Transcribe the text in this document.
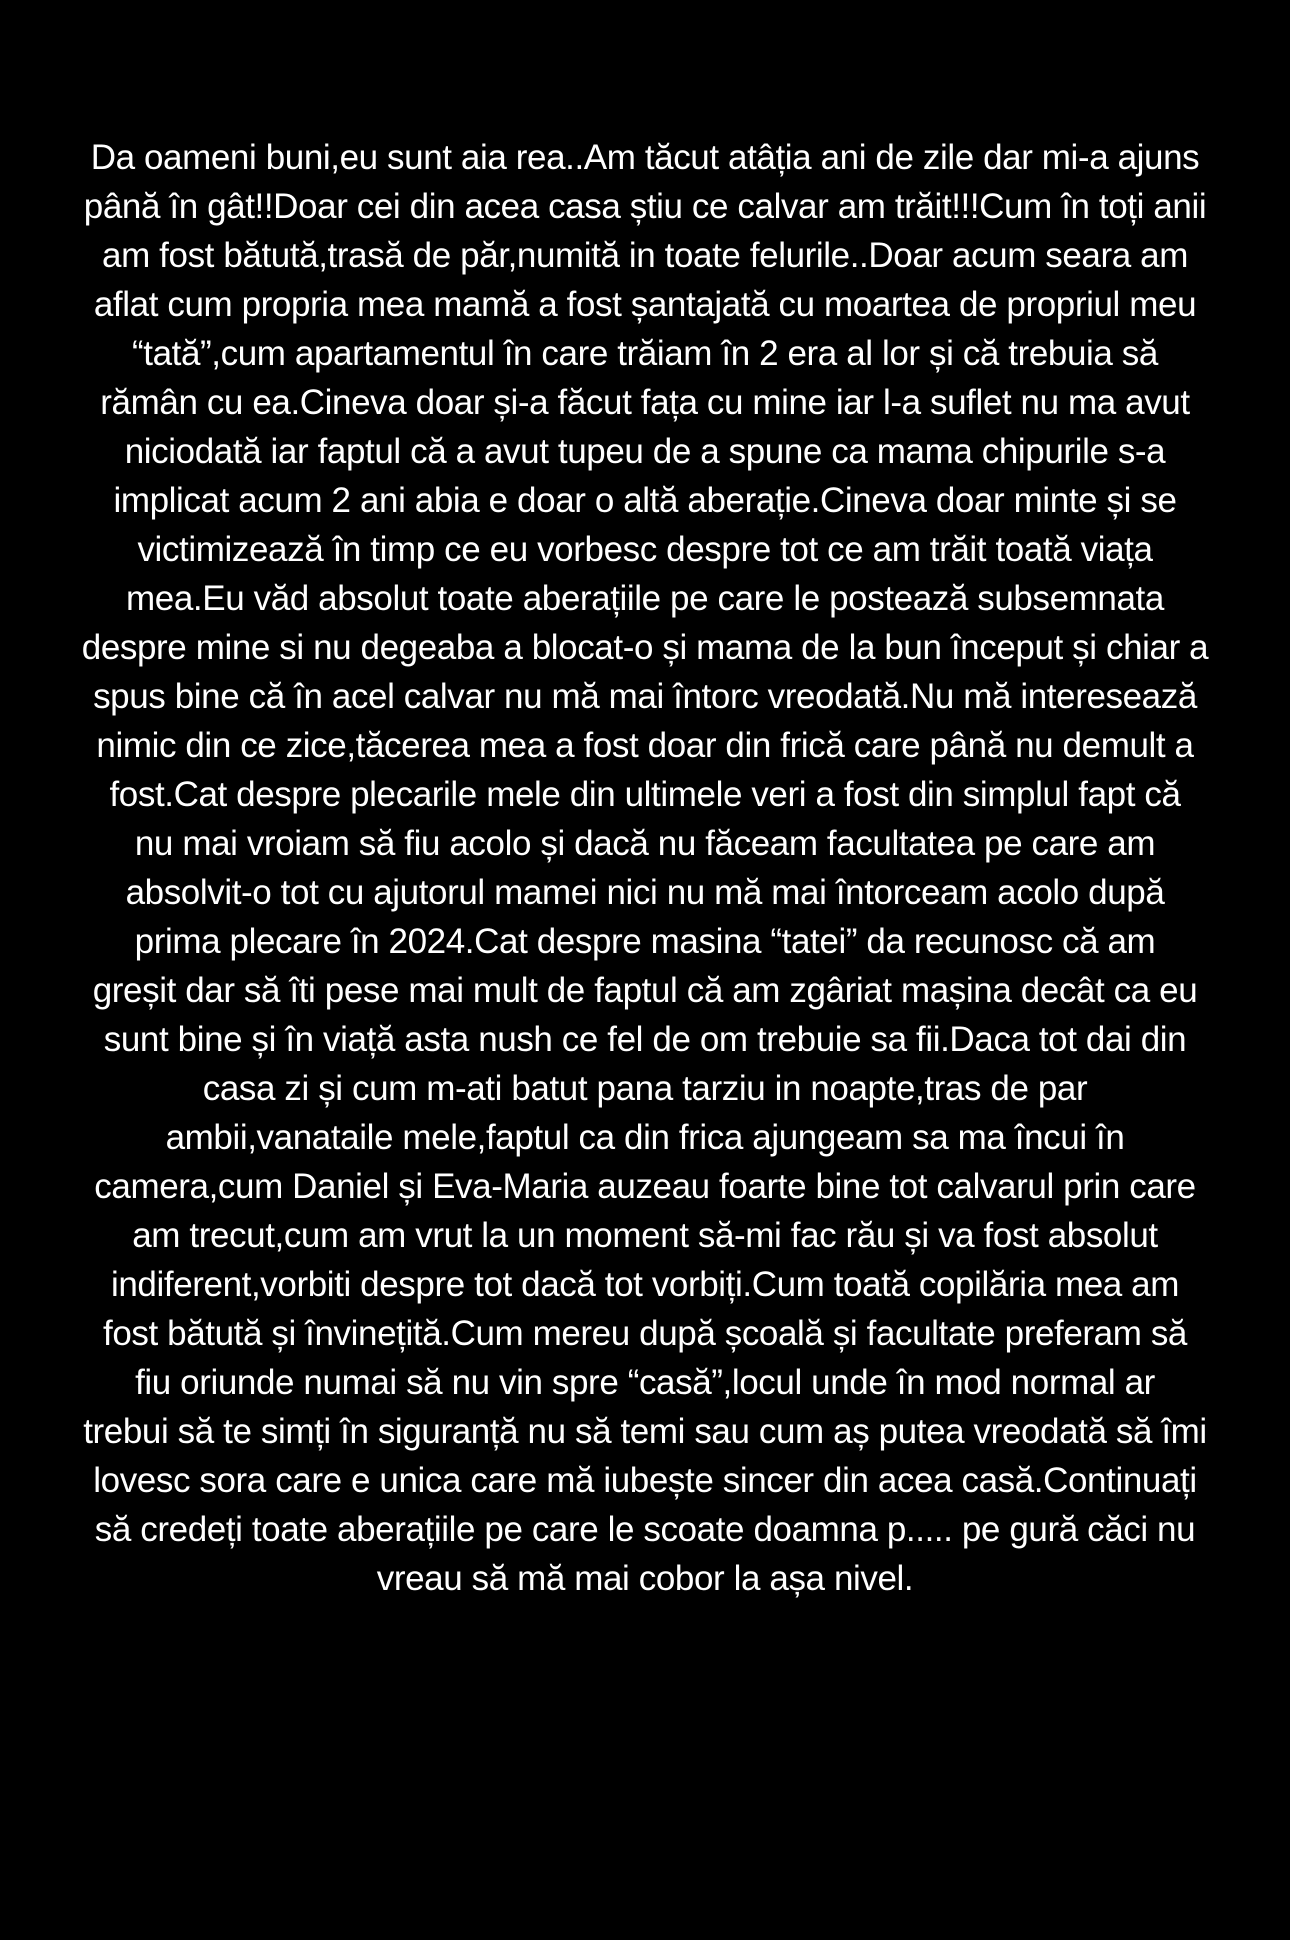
Da oameni buni,eu sunt aia rea..Am tăcut atâția ani de zile dar mi-a ajuns
până în gât!!Doar cei din acea casa știu ce calvar am trăit!!!Cum în toți anii
am fost bătută,trasă de păr,numită in toate felurile..Doar acum seara am
aflat cum propria mea mamă a fost șantajată cu moartea de propriul meu
“tată”,cum apartamentul în care trăiam în 2 era al lor și că trebuia să
rămân cu ea.Cineva doar și-a făcut fața cu mine iar l-a suflet nu ma avut
niciodată iar faptul că a avut tupeu de a spune ca mama chipurile s-a
implicat acum 2 ani abia e doar o altă aberație.Cineva doar minte și se
victimizează în timp ce eu vorbesc despre tot ce am trăit toată viața
mea.Eu văd absolut toate aberațiile pe care le postează subsemnata
despre mine si nu degeaba a blocat-o și mama de la bun început și chiar a
spus bine că în acel calvar nu mă mai întorc vreodată.Nu mă interesează
nimic din ce zice,tăcerea mea a fost doar din frică care până nu demult a
fost.Cat despre plecarile mele din ultimele veri a fost din simplul fapt că
nu mai vroiam să fiu acolo și dacă nu făceam facultatea pe care am
absolvit-o tot cu ajutorul mamei nici nu mă mai întorceam acolo după
prima plecare în 2024.Cat despre masina “tatei” da recunosc că am
greșit dar să îti pese mai mult de faptul că am zgâriat mașina decât ca eu
sunt bine și în viață asta nush ce fel de om trebuie sa fii.Daca tot dai din
casa zi și cum m-ati batut pana tarziu in noapte,tras de par
ambii,vanataile mele,faptul ca din frica ajungeam sa ma încui în
camera,cum Daniel și Eva-Maria auzeau foarte bine tot calvarul prin care
am trecut,cum am vrut la un moment să-mi fac rău și va fost absolut
indiferent,vorbiti despre tot dacă tot vorbiți.Cum toată copilăria mea am
fost bătută și învinețită.Cum mereu după școală și facultate preferam să
fiu oriunde numai să nu vin spre “casă”,locul unde în mod normal ar
trebui să te simți în siguranță nu să temi sau cum aș putea vreodată să îmi
lovesc sora care e unica care mă iubește sincer din acea casă.Continuați
să credeți toate aberațiile pe care le scoate doamna p..... pe gură căci nu
vreau să mă mai cobor la așa nivel.
